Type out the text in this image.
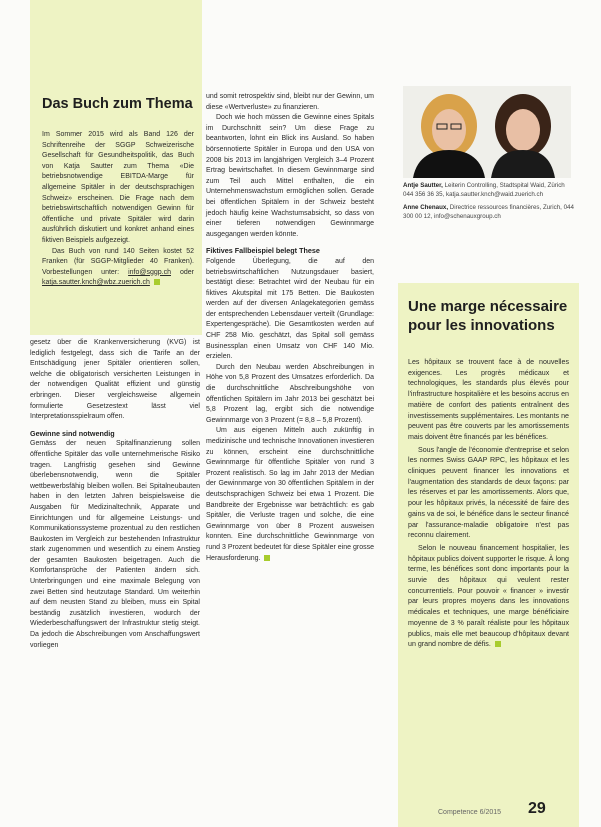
Das Buch zum Thema

Im Sommer 2015 wird als Band 126 der Schriftenreihe der SGGP Schweizerische Gesellschaft für Gesundheitspolitik, das Buch von Katja Sautter zum Thema «Die betriebsnotwendige EBITDA-Marge für allgemeine Spitäler in der deutschsprachigen Schweiz» erscheinen. Die Frage nach dem betriebswirtschaftlich notwendigen Gewinn für öffentliche und private Spitäler wird darin ausführlich diskutiert und konkret anhand eines fiktiven Beispiels aufgezeigt.

Das Buch von rund 140 Seiten kostet 52 Franken (für SGGP-Mitglieder 40 Franken). Vorbestellungen unter: info@sggp.ch oder katja.sautter.knch@wbz.zuerich.ch

gesetz über die Krankenversicherung (KVG) ist lediglich festgelegt, dass sich die Tarife an der Entschädigung jener Spitäler orientieren sollen, welche die obligatorisch versicherten Leistungen in der notwendigen Qualität effizient und günstig erbringen. Dieser vergleichsweise allgemein formulierte Gesetzestext lässt viel Interpretationsspielraum offen.

Gewinne sind notwendig

Gemäss der neuen Spitalfinanzierung sollen öffentliche Spitäler das volle unternehmerische Risiko tragen. Langfristig gesehen sind Gewinne überlebensnotwendig, wenn die Spitäler wettbewerbsfähig bleiben wollen. Bei Spitalneubauten haben in den letzten Jahren beispielsweise die Ausgaben für Medizinaltechnik, Apparate und Einrichtungen und für allgemeine Leistungs- und Kommunikationssysteme prozentual zu den restlichen Baukosten im Vergleich zur bestehenden Infrastruktur stark zugenommen und wesentlich zu einem Anstieg der gesamten Baukosten beigetragen. Auch die Komfortansprüche der Patienten ändern sich. Unterbringungen und eine maximale Belegung von zwei Betten sind heutzutage Standard. Um weiterhin auf dem neusten Stand zu bleiben, muss ein Spital beständig zusätzlich investieren, wodurch der Wiederbeschaffungswert der Infrastruktur stetig steigt. Da jedoch die Abschreibungen vom Anschaffungswert vorliegen

und somit retrospektiv sind, bleibt nur der Gewinn, um diese «Wertverluste» zu finanzieren.

Doch wie hoch müssen die Gewinne eines Spitals im Durchschnitt sein? Um diese Frage zu beantworten, lohnt ein Blick ins Ausland. So haben börsennotierte Spitäler in Europa und den USA von 2008 bis 2013 im langjährigen Vergleich 3–4 Prozent Ertrag bewirtschaftet. In diesem Gewinnmarge sind zum Teil auch Mittel enthalten, die ein Unternehmenswachstum ermöglichen sollen. Gerade bei öffentlichen Spitälern in der Schweiz besteht jedoch häufig keine Wachstumsabsicht, so dass von einer tieferen notwendigen Gewinnmarge ausgegangen werden könnte.

Fiktives Fallbeispiel belegt These

Folgende Überlegung, die auf den betriebswirtschaftlichen Nutzungsdauer basiert, bestätigt diese: Betrachtet wird der Neubau für ein fiktives Akutspital mit 175 Betten. Die Baukosten werden auf der diversen Anlagekategorien gemäss der entsprechenden Lebensdauer verteilt (Grundlage: Expertengespräche). Die Gesamtkosten werden auf CHF 258 Mio. geschätzt, das Spital soll gemäss Businessplan einen Umsatz von CHF 140 Mio. erzielen.

Durch den Neubau werden Abschreibungen in Höhe von 5,8 Prozent des Umsatzes erforderlich. Da die durchschnittliche Abschreibungshöhe von öffentlichen Spitälern im Jahr 2013 bei geschätzt bei 5,8 Prozent lag, ergibt sich die notwendige Gewinnmarge von 3 Prozent (= 8,8 – 5,8 Prozent).

Um aus eigenen Mitteln auch zukünftig in medizinische und technische Innovationen investieren zu können, erscheint eine durchschnittliche Gewinnmarge für öffentliche Spitäler von rund 3 Prozent realistisch. So lag im Jahr 2013 der Median der Gewinnmarge von 30 öffentlichen Spitälern in der deutschsprachigen Schweiz bei etwa 1 Prozent. Die Bandbreite der Ergebnisse war beträchtlich: es gab Spitäler, die Verluste tragen und solche, die eine Gewinnmarge von über 8 Prozent ausweisen konnten. Eine durchschnittliche Gewinnmarge von rund 3 Prozent bedeutet für diese Spitäler eine grosse Herausforderung.

Antje Sautter, Leiterin Controlling, Stadtspital Waid, Zürich 044 356 36 35, katja.sautter.knch@waid.zuerich.ch

Anne Chenaux, Directrice ressources financières, Zurich, 044 300 00 12, info@schenauxgroup.ch

Une marge nécessaire pour les innovations

Les hôpitaux se trouvent face à de nouvelles exigences. Les progrès médicaux et technologiques, les standards plus élevés pour l'infrastructure hospitalière et les besoins accrus en matière de confort des patients entraînent des investissements supplémentaires. Les montants ne peuvent pas être couverts par les amortissements mais doivent être financés par les bénéfices.

Sous l'angle de l'économie d'entreprise et selon les normes Swiss GAAP RPC, les hôpitaux et les cliniques peuvent financer les innovations et l'augmentation des standards de deux façons: par les réserves et par les amortissements. Alors que, pour les hôpitaux privés, la nécessité de faire des gains va de soi, le bénéfice dans le secteur financé par l'assurance-maladie obligatoire n'est pas reconnu clairement.

Selon le nouveau financement hospitalier, les hôpitaux publics doivent supporter le risque. À long terme, les bénéfices sont donc importants pour la survie des hôpitaux qui veulent rester concurrentiels. Pour pouvoir « financer » investir par leurs propres moyens dans les innovations médicales et techniques, une marge bénéficiaire moyenne de 3 % paraît réaliste pour les hôpitaux publics, mais elle met beaucoup d'hôpitaux devant un grand nombre de défis.

Competence 6/2015 29
